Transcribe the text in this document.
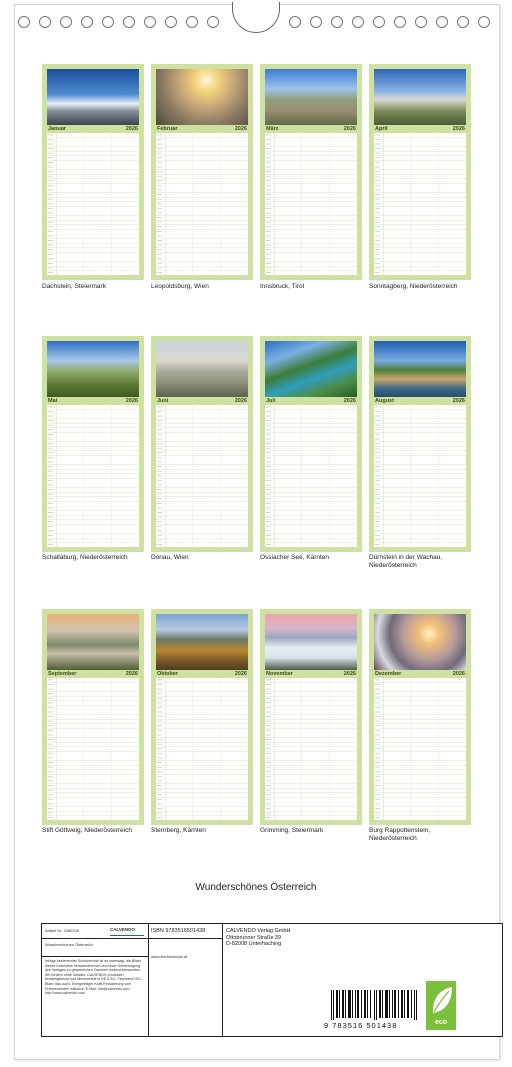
Januar	2026	Februar	2026	März	2026	April	2026
Dachstein, Steiermark	Leopoldsburg, Wien	Innsbruck, Tirol	Sonntagberg, Niederösterreich
Mai	2026	Juni	2026	Juli	2026	August	2026
Schallaburg, Niederösterreich	Donau, Wien	Ossiacher See, Kärnten	Dürnstein in der Wachau, Niederösterreich
September	2026	Oktober	2026	November	2026	Dezember	2026
Stift Göttweig, Niederösterreich	Sternberg, Kärnten	Grimming, Steiermark	Burg Rappottenstein, Niederösterreich
Wunderschönes Österreich
Artikel Nr. 2080226	CALVENDO
Wunderschönes Österreich
Infolge bestehender Schutzrechte ist es untersagt, die Bilder dieses Kalenders herauszutrennen und ohne Genehmigung des Verlages zu gewerblichen Zwecken weiterzuverwenden. Wir fördern ohne Gewähr. CALVENDO produziert bedarfsgerecht und klimaneutral in DE & EU. Fine!Ident ISO-Blanc das auch. Energieträger Kraft-Reduzierung vom Erstverwenden inklusive. E-Mail: info@calvendo.com · http://www.calvendo.com
ISBN 9783516501438
www.fernbenfotos.at
CALVENDO Verlag GmbH
Ottobrunner Straße 39
D-82008 Unterhaching
9 783516 501438	eco
